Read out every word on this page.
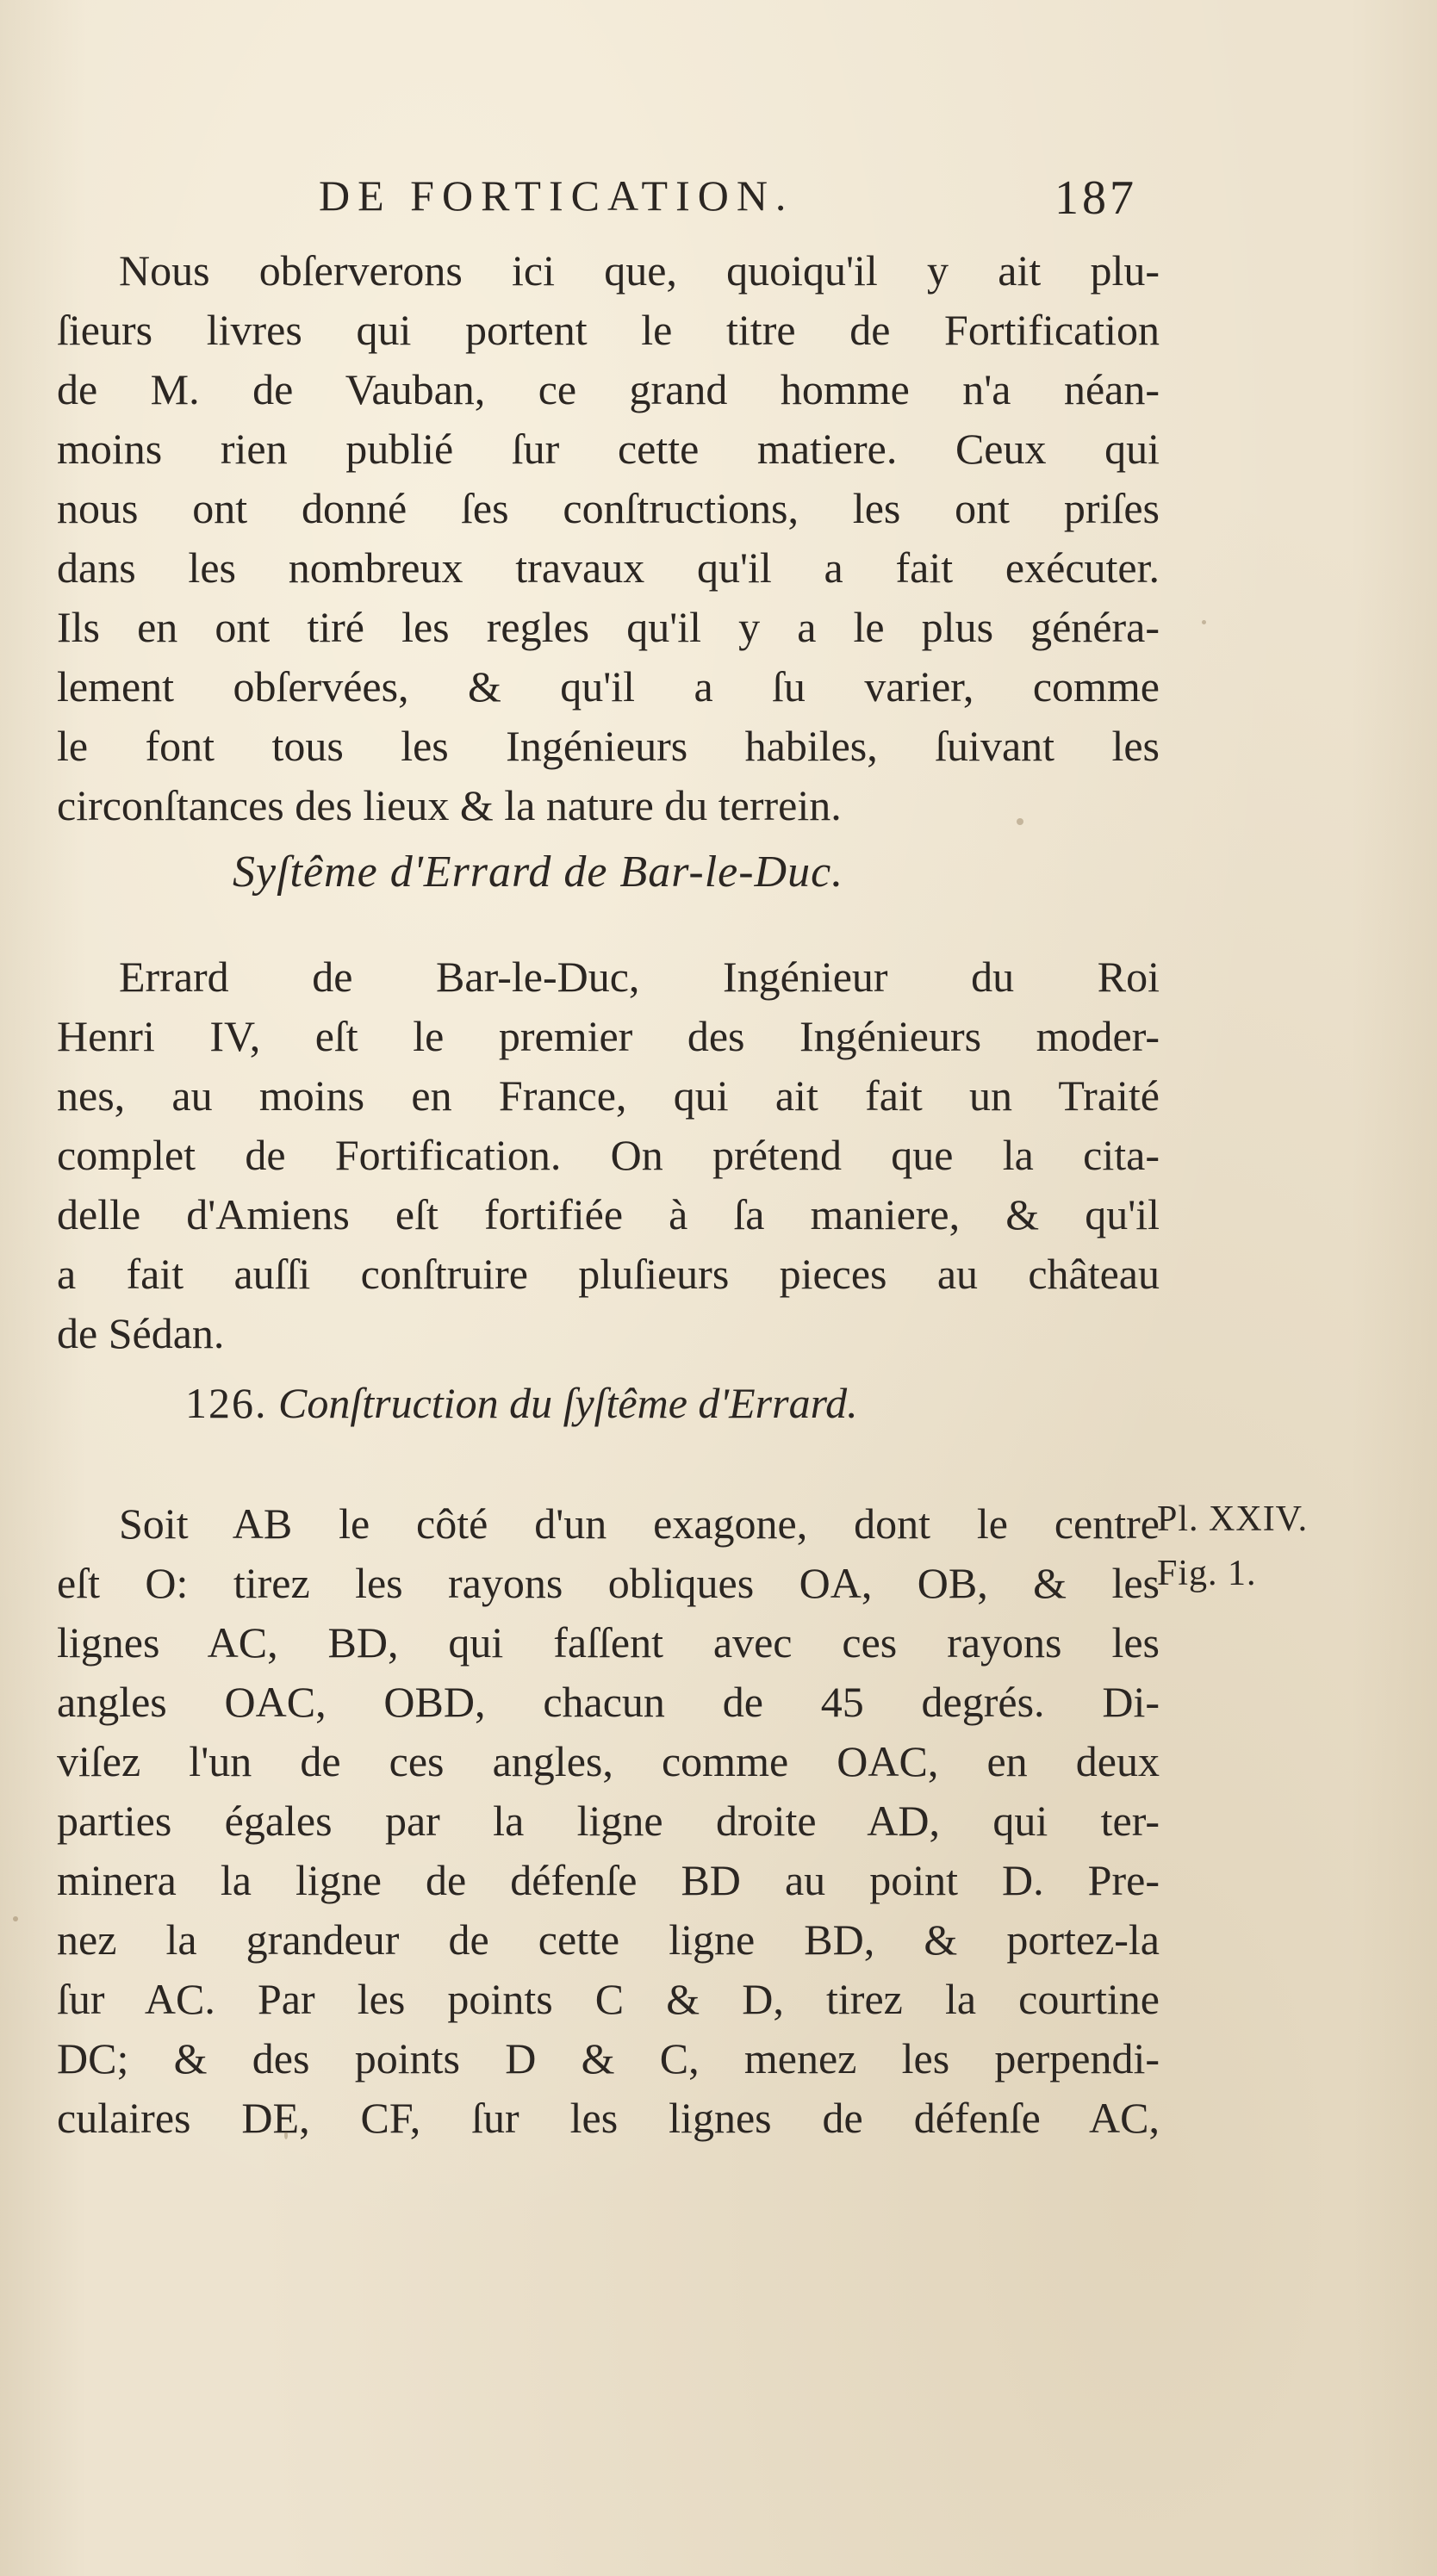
DE FORTICATION.	187
Nous obſerverons ici que, quoiqu'il y ait plu-
ſieurs livres qui portent le titre de Fortification
de M. de Vauban, ce grand homme n'a néan-
moins rien publié ſur cette matiere. Ceux qui
nous ont donné ſes conſtructions, les ont priſes
dans les nombreux travaux qu'il a fait exécuter.
Ils en ont tiré les regles qu'il y a le plus généra-
lement obſervées, & qu'il a ſu varier, comme
le font tous les Ingénieurs habiles, ſuivant les
circonſtances des lieux & la nature du terrein.
Syſtême d'Errard de Bar-le-Duc.
Errard de Bar-le-Duc, Ingénieur du Roi
Henri IV, eſt le premier des Ingénieurs moder-
nes, au moins en France, qui ait fait un Traité
complet de Fortification. On prétend que la cita-
delle d'Amiens eſt fortifiée à ſa maniere, & qu'il
a fait auſſi conſtruire pluſieurs pieces au château
de Sédan.
126. Conſtruction du ſyſtême d'Errard.
Soit AB le côté d'un exagone, dont le centre
eſt O: tirez les rayons obliques OA, OB, & les
lignes AC, BD, qui faſſent avec ces rayons les
angles OAC, OBD, chacun de 45 degrés. Di-
viſez l'un de ces angles, comme OAC, en deux
parties égales par la ligne droite AD, qui ter-
minera la ligne de défenſe BD au point D. Pre-
nez la grandeur de cette ligne BD, & portez-la
ſur AC. Par les points C & D, tirez la courtine
DC; & des points D & C, menez les perpendi-
culaires DE, CF, ſur les lignes de défenſe AC,
Pl. XXIV.
Fig. 1.
